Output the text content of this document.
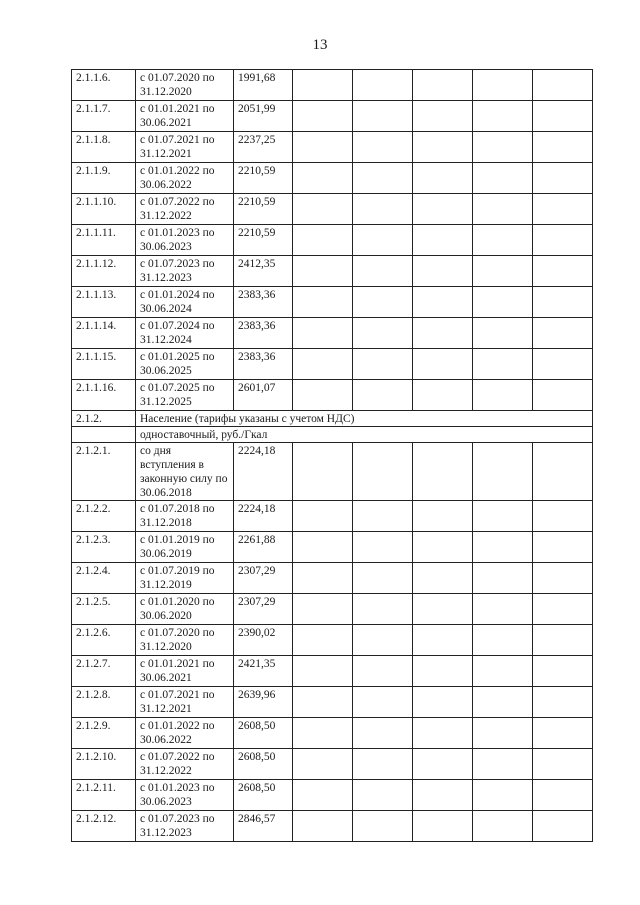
13
2.1.1.6.	с 01.07.2020 по 31.12.2020	1991,68					
2.1.1.7.	с 01.01.2021 по 30.06.2021	2051,99					
2.1.1.8.	с 01.07.2021 по 31.12.2021	2237,25					
2.1.1.9.	с 01.01.2022 по 30.06.2022	2210,59					
2.1.1.10.	с 01.07.2022 по 31.12.2022	2210,59					
2.1.1.11.	с 01.01.2023 по 30.06.2023	2210,59					
2.1.1.12.	с 01.07.2023 по 31.12.2023	2412,35					
2.1.1.13.	с 01.01.2024 по 30.06.2024	2383,36					
2.1.1.14.	с 01.07.2024 по 31.12.2024	2383,36					
2.1.1.15.	с 01.01.2025 по 30.06.2025	2383,36					
2.1.1.16.	с 01.07.2025 по 31.12.2025	2601,07					
2.1.2.	Население (тарифы указаны с учетом НДС)						
	одноставочный, руб./Гкал						
2.1.2.1.	со дня вступления в законную силу по 30.06.2018	2224,18					
2.1.2.2.	с 01.07.2018 по 31.12.2018	2224,18					
2.1.2.3.	с 01.01.2019 по 30.06.2019	2261,88					
2.1.2.4.	с 01.07.2019 по 31.12.2019	2307,29					
2.1.2.5.	с 01.01.2020 по 30.06.2020	2307,29					
2.1.2.6.	с 01.07.2020 по 31.12.2020	2390,02					
2.1.2.7.	с 01.01.2021 по 30.06.2021	2421,35					
2.1.2.8.	с 01.07.2021 по 31.12.2021	2639,96					
2.1.2.9.	с 01.01.2022 по 30.06.2022	2608,50					
2.1.2.10.	с 01.07.2022 по 31.12.2022	2608,50					
2.1.2.11.	с 01.01.2023 по 30.06.2023	2608,50					
2.1.2.12.	с 01.07.2023 по 31.12.2023	2846,57					
